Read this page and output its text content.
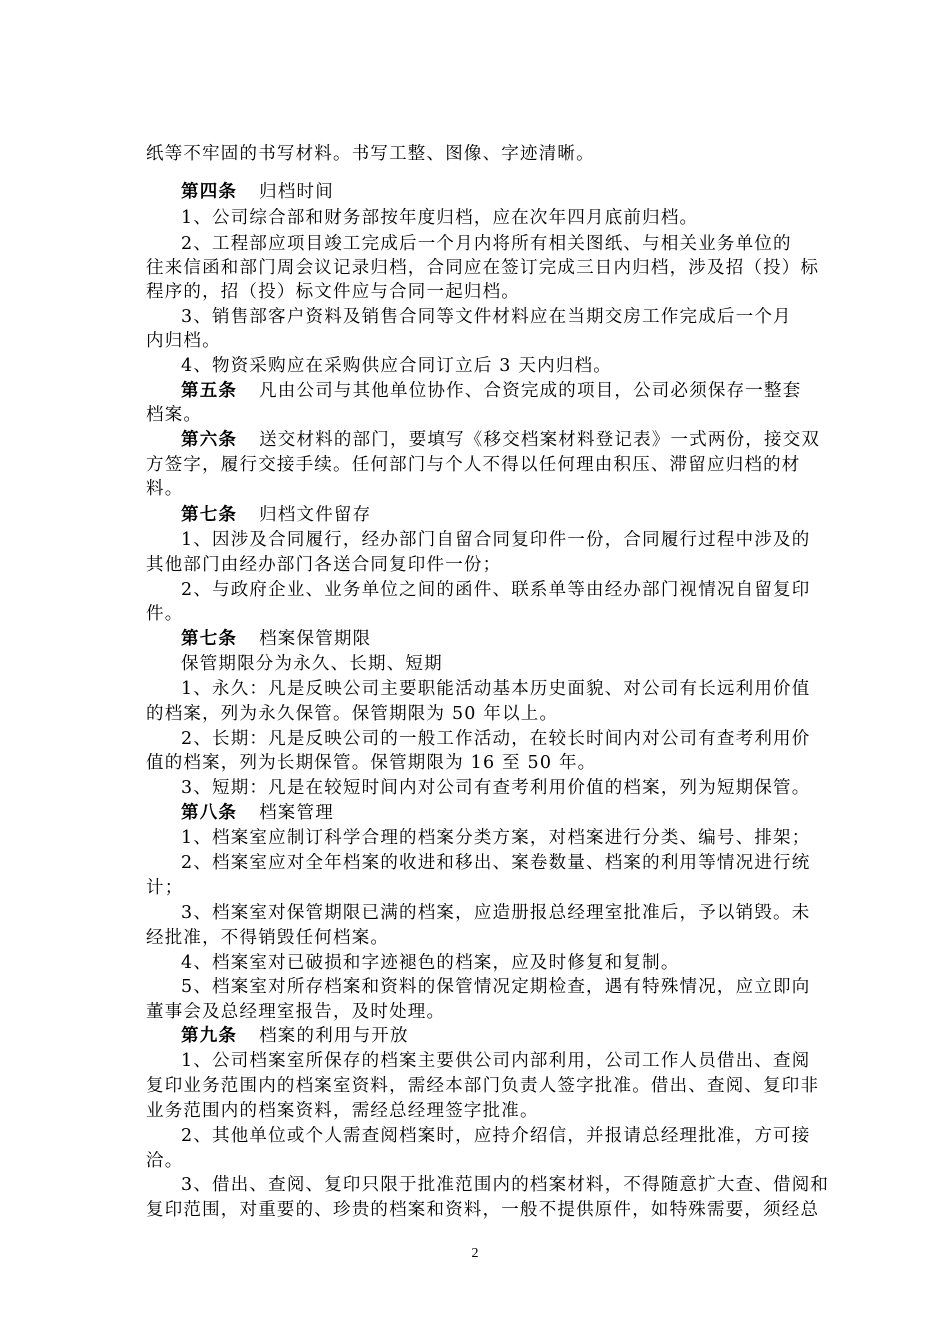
纸等不牢固的书写材料。书写工整、图像、字迹清晰。
第四条 归档时间
1、公司综合部和财务部按年度归档，应在次年四月底前归档。
2、工程部应项目竣工完成后一个月内将所有相关图纸、与相关业务单位的
往来信函和部门周会议记录归档，合同应在签订完成三日内归档，涉及招（投）标
程序的，招（投）标文件应与合同一起归档。
3、销售部客户资料及销售合同等文件材料应在当期交房工作完成后一个月
内归档。
4、物资采购应在采购供应合同订立后 3 天内归档。
第五条 凡由公司与其他单位协作、合资完成的项目，公司必须保存一整套
档案。
第六条 送交材料的部门，要填写《移交档案材料登记表》一式两份，接交双
方签字，履行交接手续。任何部门与个人不得以任何理由积压、滞留应归档的材
料。
第七条 归档文件留存
1、因涉及合同履行，经办部门自留合同复印件一份，合同履行过程中涉及的
其他部门由经办部门各送合同复印件一份；
2、与政府企业、业务单位之间的函件、联系单等由经办部门视情况自留复印
件。
第七条 档案保管期限
保管期限分为永久、长期、短期
1、永久：凡是反映公司主要职能活动基本历史面貌、对公司有长远利用价值
的档案，列为永久保管。保管期限为 50 年以上。
2、长期：凡是反映公司的一般工作活动，在较长时间内对公司有查考利用价
值的档案，列为长期保管。保管期限为 16 至 50 年。
3、短期：凡是在较短时间内对公司有查考利用价值的档案，列为短期保管。
第八条 档案管理
1、档案室应制订科学合理的档案分类方案，对档案进行分类、编号、排架；
2、档案室应对全年档案的收进和移出、案卷数量、档案的利用等情况进行统
计；
3、档案室对保管期限已满的档案，应造册报总经理室批准后，予以销毁。未
经批准，不得销毁任何档案。
4、档案室对已破损和字迹褪色的档案，应及时修复和复制。
5、档案室对所存档案和资料的保管情况定期检查，遇有特殊情况，应立即向
董事会及总经理室报告，及时处理。
第九条 档案的利用与开放
1、公司档案室所保存的档案主要供公司内部利用，公司工作人员借出、查阅
复印业务范围内的档案室资料，需经本部门负责人签字批准。借出、查阅、复印非
业务范围内的档案资料，需经总经理签字批准。
2、其他单位或个人需查阅档案时，应持介绍信，并报请总经理批准，方可接
洽。
3、借出、查阅、复印只限于批准范围内的档案材料，不得随意扩大查、借阅和
复印范围，对重要的、珍贵的档案和资料，一般不提供原件，如特殊需要，须经总
2
